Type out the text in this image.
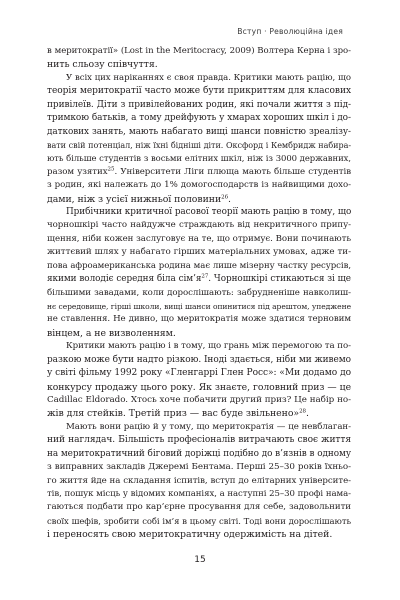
Вступ · Революційна ідея
в меритократії» (Lost in the Meritocracy, 2009) Волтера Керна і зро-
нить сльозу співчуття.
У всіх цих наріканнях є своя правда. Критики мають рацію, що
теорія меритократії часто може бути прикриттям для класових
привілеїв. Діти з привілейованих родин, які почали життя з під-
тримкою батьків, а тому дрейфують у хмарах хороших шкіл і до-
даткових занять, мають набагато вищі шанси повністю зреалізу-
вати свій потенціал, ніж їхні бідніші діти. Оксфорд і Кембридж набира-
ють більше студентів з восьми елітних шкіл, ніж із 3000 державних,
разом узятих$^{25}$. Університети Ліги плюща мають більше студентів
з родин, які належать до 1% домогосподарств із найвищими дохо-
дами, ніж з усієї нижньої половини$^{26}$.
Прибічники критичної расової теорії мають рацію в тому, що
чорношкірі часто найдужче страждають від некритичного припу-
щення, ніби кожен заслуговує на те, що отримує. Вони починають
життєвий шлях у набагато гірших матеріальних умовах, адже ти-
пова афроамериканська родина має лише мізерну частку ресурсів,
якими володіє середня біла $сім’я^{27}$. Чорношкірі стикаються зі ще
більшими завадами, коли дорослішають: забрудненіше навколиш-
нє середовище, гірші школи, вищі шанси опинитися під арештом, упеджене
не ставлення. Не дивно, що меритократія може здатися терновим
вінцем, а не визволенням.
Критики мають рацію і в тому, що грань між перемогою та по-
разкою може бути надто різкою. Іноді здається, ніби ми живемо
у світі фільму 1992 року «Гленгаррі Глен Росс»: «Ми додамо до
конкурсу продажу цього року. Як знаєте, головний приз — це
Cadillac Eldorado. Хтось хоче побачити другий приз? Це набір но-
жів для стейків. Третій приз — вас буде звільнено»$^{28}$.
Мають вони рацію й у тому, що меритократія — це невблаган-
ний наглядач. Більшість професіоналів витрачають своє життя
на меритократичний біговий доріжці подібно до в’язнів в одному
з виправних закладів Джеремі Бентама. Перші 25–30 років їхньо-
го життя йде на складання іспитів, вступ до елітарних університе-
тів, пошук місць у відомих компаніях, а наступні 25–30 профі нама-
гаються подбати про кар’єрне просування для себе, задовольнити
своїх шефів, зробити собі ім’я в цьому світі. Тоді вони дорослішають
і переносять свою меритократичну одержимість на дітей.
15
